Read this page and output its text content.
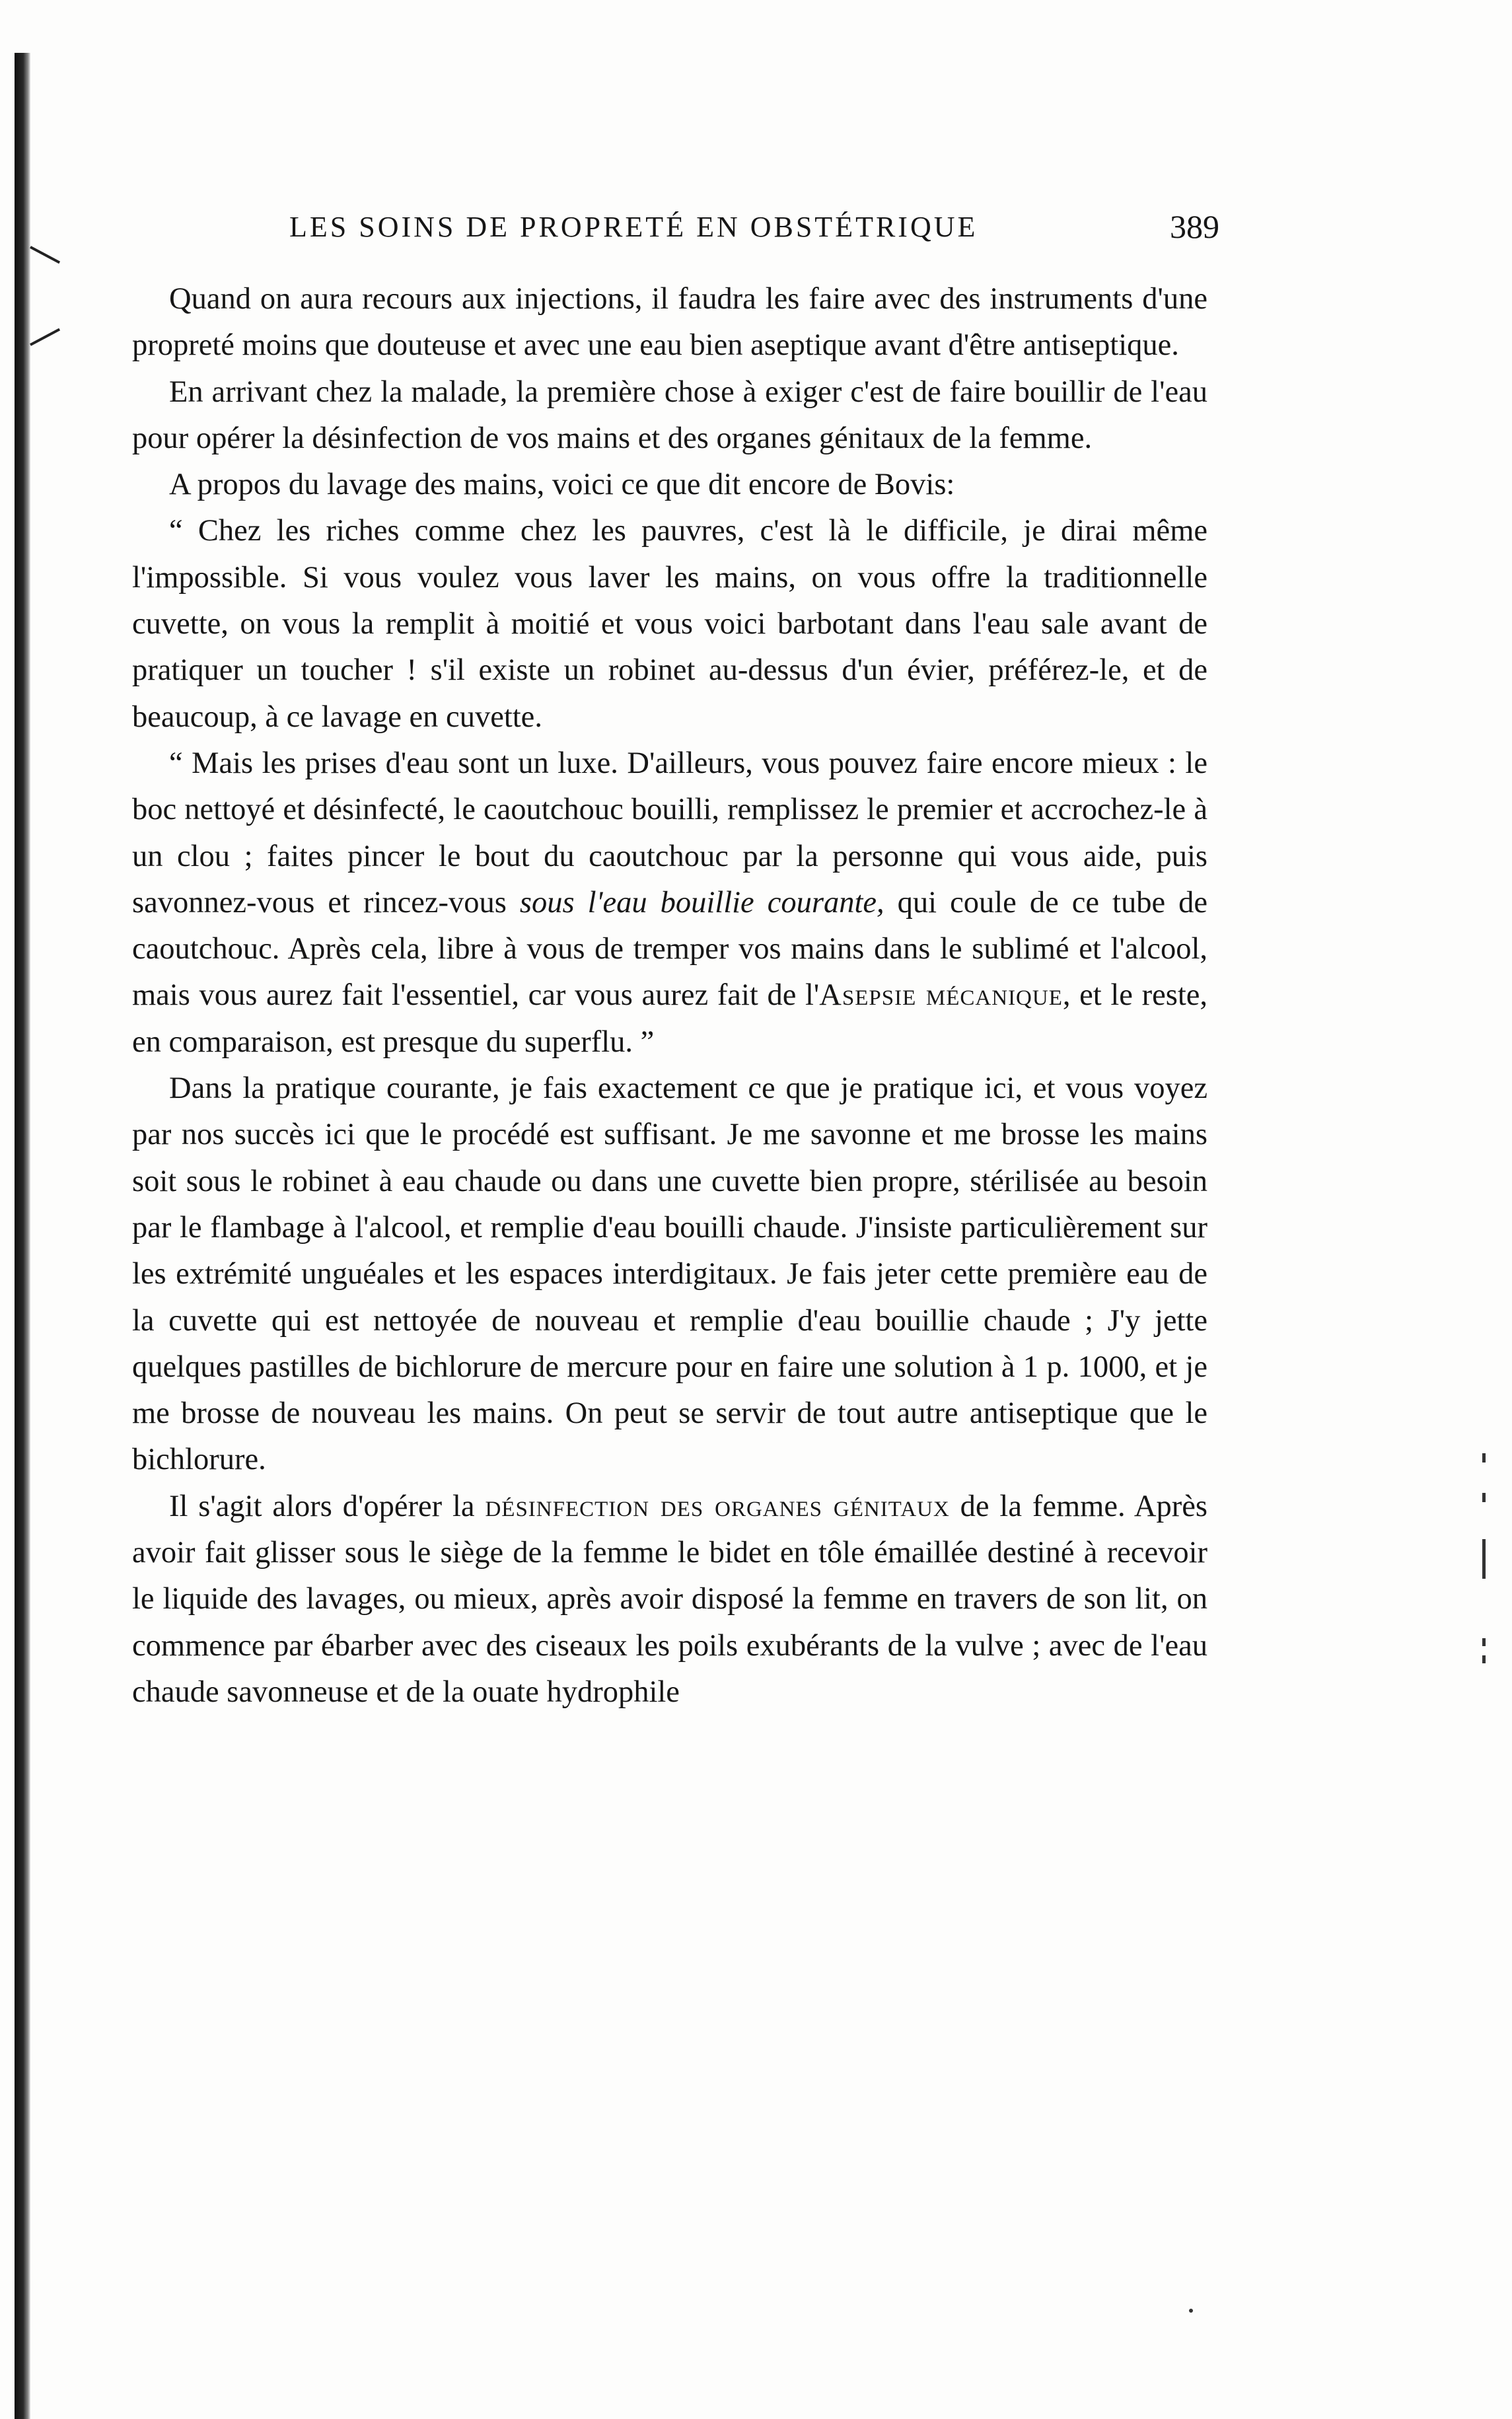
LES SOINS DE PROPRETÉ EN OBSTÉTRIQUE	389

Quand on aura recours aux injections, il faudra les faire avec des instruments d'une propreté moins que douteuse et avec une eau bien aseptique avant d'être antiseptique.

En arrivant chez la malade, la première chose à exiger c'est de faire bouillir de l'eau pour opérer la désinfection de vos mains et des organes génitaux de la femme.

A propos du lavage des mains, voici ce que dit encore de Bovis:

“ Chez les riches comme chez les pauvres, c'est là le difficile, je dirai même l'impossible. Si vous voulez vous laver les mains, on vous offre la traditionnelle cuvette, on vous la remplit à moitié et vous voici barbotant dans l'eau sale avant de pratiquer un toucher ! s'il existe un robinet au-dessus d'un évier, préférez-le, et de beaucoup, à ce lavage en cuvette.

“ Mais les prises d'eau sont un luxe. D'ailleurs, vous pouvez faire encore mieux : le boc nettoyé et désinfecté, le caoutchouc bouilli, remplissez le premier et accrochez-le à un clou ; faites pincer le bout du caoutchouc par la personne qui vous aide, puis savonnez-vous et rincez-vous sous l'eau bouillie courante, qui coule de ce tube de caoutchouc. Après cela, libre à vous de tremper vos mains dans le sublimé et l'alcool, mais vous aurez fait l'essentiel, car vous aurez fait de l'Asepsie mécanique, et le reste, en comparaison, est presque du superflu. ”

Dans la pratique courante, je fais exactement ce que je pratique ici, et vous voyez par nos succès ici que le procédé est suffisant. Je me savonne et me brosse les mains soit sous le robinet à eau chaude ou dans une cuvette bien propre, stérilisée au besoin par le flambage à l'alcool, et remplie d'eau bouilli chaude. J'insiste particulièrement sur les extrémité unguéales et les espaces interdigitaux. Je fais jeter cette première eau de la cuvette qui est nettoyée de nouveau et remplie d'eau bouillie chaude ; J'y jette quelques pastilles de bichlorure de mercure pour en faire une solution à 1 p. 1000, et je me brosse de nouveau les mains. On peut se servir de tout autre antiseptique que le bichlorure.

Il s'agit alors d'opérer la désinfection des organes génitaux de la femme. Après avoir fait glisser sous le siège de la femme le bidet en tôle émaillée destiné à recevoir le liquide des lavages, ou mieux, après avoir disposé la femme en travers de son lit, on commence par ébarber avec des ciseaux les poils exubérants de la vulve ; avec de l'eau chaude savonneuse et de la ouate hydrophile
